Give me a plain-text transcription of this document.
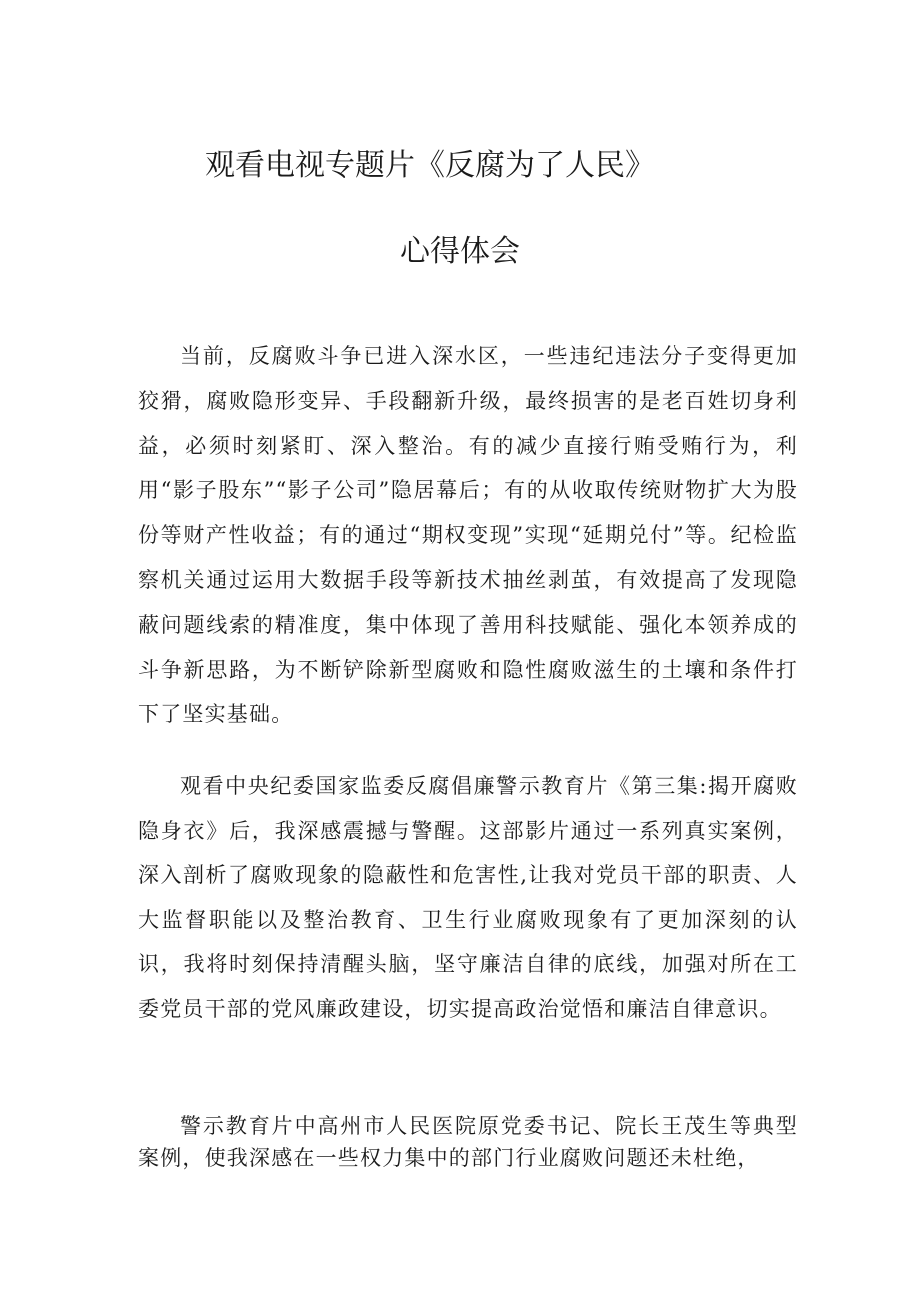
观看电视专题片《反腐为了人民》
心得体会

当前，反腐败斗争已进入深水区，一些违纪违法分子变得更加狡猾，腐败隐形变异、手段翻新升级，最终损害的是老百姓切身利益，必须时刻紧盯、深入整治。有的减少直接行贿受贿行为，利用“影子股东”“影子公司”隐居幕后；有的从收取传统财物扩大为股份等财产性收益；有的通过“期权变现”实现“延期兑付”等。纪检监察机关通过运用大数据手段等新技术抽丝剥茧，有效提高了发现隐蔽问题线索的精准度，集中体现了善用科技赋能、强化本领养成的斗争新思路，为不断铲除新型腐败和隐性腐败滋生的土壤和条件打下了坚实基础。

观看中央纪委国家监委反腐倡廉警示教育片《第三集:揭开腐败隐身衣》后，我深感震撼与警醒。这部影片通过一系列真实案例，深入剖析了腐败现象的隐蔽性和危害性,让我对党员干部的职责、人大监督职能以及整治教育、卫生行业腐败现象有了更加深刻的认识，我将时刻保持清醒头脑，坚守廉洁自律的底线，加强对所在工委党员干部的党风廉政建设，切实提高政治觉悟和廉洁自律意识。

警示教育片中高州市人民医院原党委书记、院长王茂生等典型案例，使我深感在一些权力集中的部门行业腐败问题还未杜绝，
